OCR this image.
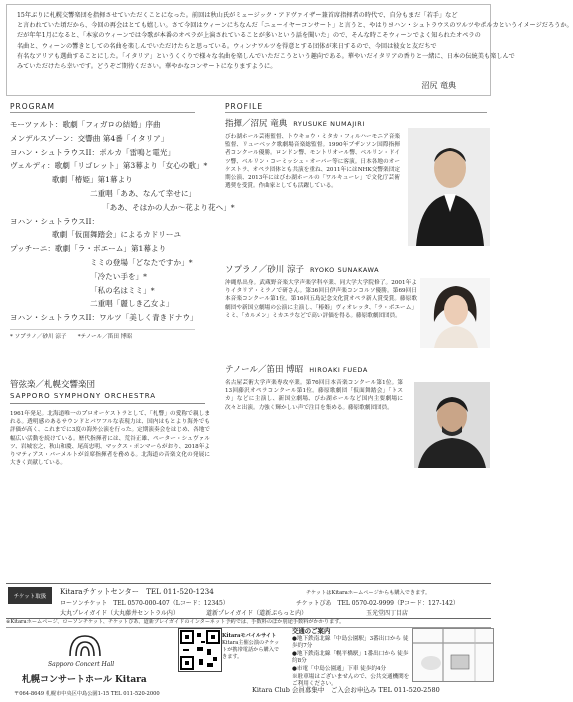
15年ぶりに札幌交響楽団を指揮させていただくことになった。前回は秋山氏がミュージック・アドヴァイザー兼首席指揮者の時代で、自分もまだ「若手」など
と言われていた頃だから、今回の再会はとても嬉しい。さて今回はウィーンにちなんだ「ニューイヤーコンサート」と言うと、やはりヨハン・シュトラウスのワルツやポルカというイメージだろうか。
だが年年1月になると、「本家のウィーンでは今歌が本番のオペラが上演されていることが多いという話を聞いた」ので、そんな時こそウィーンでよく知られたオペラの
名曲と、ウィーンの響きとしての名曲を楽しんでいただけたらと思っている。ウィンナワルツを得意とする団体が来日するので、今回は彼女と友だちで
有名なアリアも選曲することにした。「イタリア」というくくりで様々な名曲を楽しんでいただこうという趣向である。華やいだイタリアの香りと一緒に、日本の伝統美も楽しんで
みていただけたら幸いです。どうぞご期待ください。華やかなコンサートになりますように。
沼尻 竜典
PROGRAM
モーツァルト：歌劇「フィガロの結婚」序曲
メンデルスゾーン：交響曲 第4番「イタリア」
ヨハン・シュトラウスII：ポルカ「雷鳴と電光」
ヴェルディ：歌劇「リゴレット」第3幕より「女心の歌」*
歌劇「椿姫」第1幕より
二重唱「ああ、なんて幸せに」
「ああ、そはかの人か〜花より花へ」*
ヨハン・シュトラウスII：
歌劇「仮面舞踏会」によるカドリーユ
プッチーニ：歌劇「ラ・ボエーム」第1幕より
ミミの登場「どなたですか」*
「冷たい手を」*
「私の名はミミ」*
二重唱「麗しき乙女よ」
ヨハン・シュトラウスII：ワルツ「美しく青きドナウ」
* ソプラノ／砂川 涼子　　*テノール／笛田 博昭
管弦楽／札幌交響楽団
SAPPORO SYMPHONY ORCHESTRA
1961年発足。北海道唯一のプロオーケストラとして、「札響」の愛称で親しまれる。透明感のあるサウンドとパワフルな表現力は、国内はもとより海外でも評価が高く、これまでに3度の海外公演を行った。定期演奏会をはじめ、各地で幅広い活動を続けている。歴代指揮者には、荒谷正雄、ペーター・シュヴァルツ、岩城宏之、秋山和慶、尾高忠明、マックス・ポンマーらがおり、2018年よりマティアス・バーメルトが首席指揮者を務める。北海道の音楽文化の発展に大きく貢献している。
PROFILE
指揮／沼尻 竜典 RYUSUKE NUMAJIRI
びわ湖ホール芸術監督、トウキョウ・ミタカ・フィルハーモニア音楽監督、リューベック歌劇場音楽総監督。1990年ブザンソン国際指揮者コンクール優勝。ロンドン響、モントリオール響、ベルリン・ドイツ響、ベルリン・コーミッシェ・オーパー等に客演。日本各地のオーケストラ、オペラ団体とも共演を重ね、2011年にはNHK交響楽団定期公演、2013年にはびわ湖ホールの「ワルキューレ」で文化庁芸術選奨を受賞。作曲家としても活躍している。
ソプラノ／砂川 涼子 RYOKO SUNAKAWA
沖縄県出身。武蔵野音楽大学声楽学科卒業、同大学大学院修了。2001年よりイタリア・ミラノで研さん。第36回日伊声楽コンコルソ優勝。第69回日本音楽コンクール第1位。第16回五島記念文化賞オペラ新人賞受賞。藤原歌劇団や新国立劇場の公演に主演し、「椿姫」ヴィオレッタ、「ラ・ボエーム」ミミ、「カルメン」ミカエラなどで高い評価を得る。藤原歌劇団団員。
テノール／笛田 博昭 HIROAKI FUEDA
名古屋芸術大学声楽専攻卒業。第76回日本音楽コンクール第1位。第13回藤沢オペラコンクール第1位。藤原歌劇団「仮面舞踏会」「トスカ」などに主演し、新国立劇場、びわ湖ホールなど国内主要劇場に次々と出演。力強く輝かしい声で注目を集める。藤原歌劇団団員。
チケット取扱
Kitaraチケットセンター　TEL 011-520-1234	チケットはKitaraホームページからも購入できます。
ローソンチケット　TEL 0570-000-407（Lコード：12345）	チケットぴあ　TEL 0570-02-9999（Pコード：127-142）
大丸プレイガイド（大丸藤井セントラル内）	道新プレイガイド（道新ぷらっと内）	玉光堂四丁目店
※Kitaraホームページ、ローソンチケット、チケットぴあ、道新プレイガイドのインターネット予約では、手数料のほか別途手数料がかかります。
Sapporo Concert Hall
札幌コンサートホール Kitara
Kitaraモバイルサイト
Kitara主催公演のチケットが携帯電話から購入できます。
交通のご案内
●地下鉄南北線「中島公園駅」3番出口から 徒歩約7分
●地下鉄南北線「幌平橋駅」1番出口から 徒歩約8分
●市電「中島公園通」下車 徒歩約4分
※駐車場はございませんので、公共交通機関をご利用ください。
Kitara Club 会員募集中　ご入会お申込み TEL 011-520-2580
〒064-8649 札幌市中央区中島公園1-15 TEL 011-520-2000
